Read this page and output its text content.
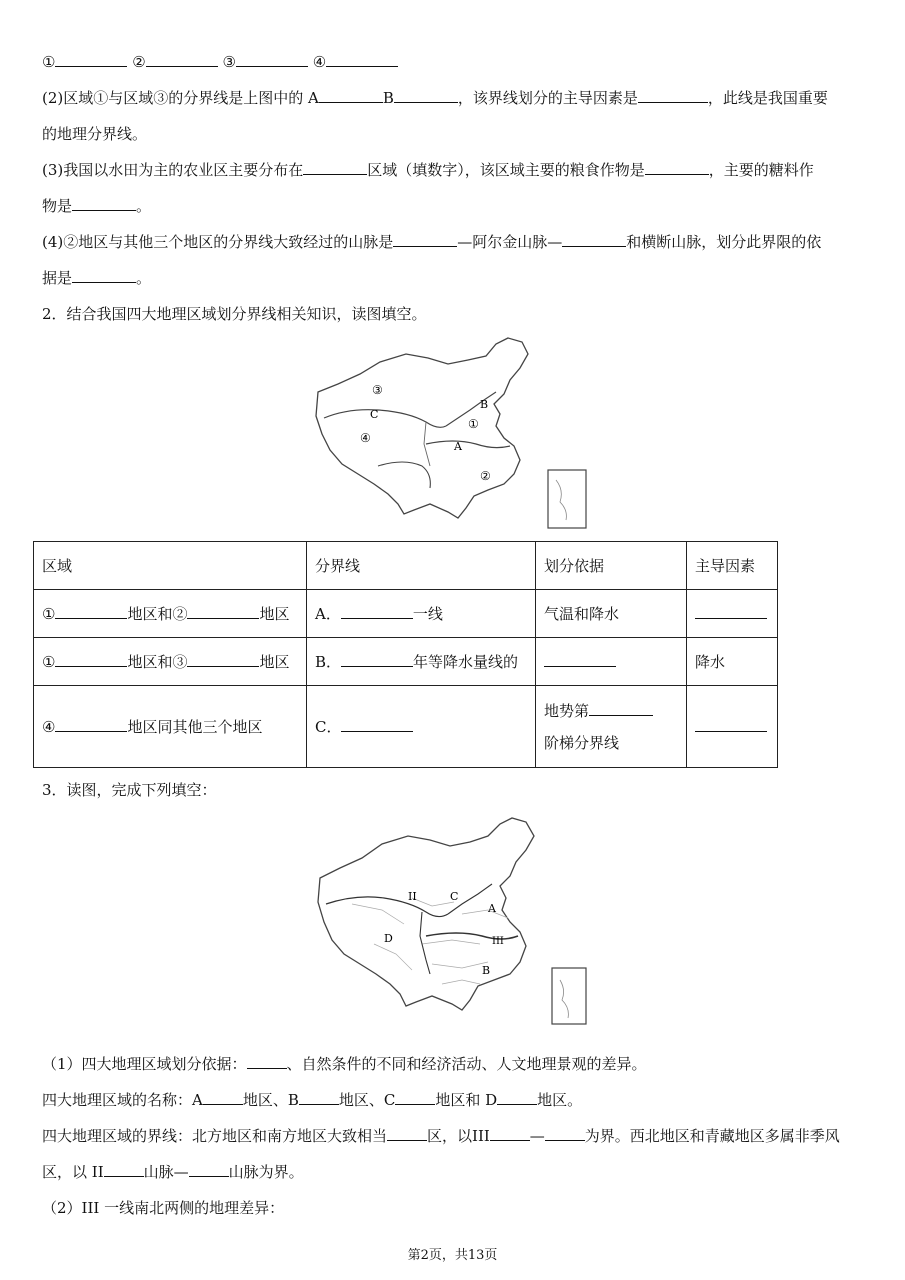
①	②	③	④
(2)区域①与区域③的分界线是上图中的 A	B	，该界线划分的主导因素是	，此线是我国重要
的地理分界线。
(3)我国以水田为主的农业区主要分布在	区域（填数字），该区域主要的粮食作物是	，主要的糖料作
物是	。
(4)②地区与其他三个地区的分界线大致经过的山脉是	—阿尔金山脉—	和横断山脉，划分此界限的依
据是	。
2．结合我国四大地理区域划分界线相关知识，读图填空。
③
C
④
B
①
A
②
区域	分界线	划分依据	主导因素
① 地区和② 地区	A． 一线	气温和降水	
① 地区和③ 地区	B． 年等降水量线的		降水
④ 地区同其他三个地区	C．	地势第
阶梯分界线	

3．读图，完成下列填空：
II	C
A
D	III
B
（1）四大地理区域划分依据：	、自然条件的不同和经济活动、人文地理景观的差异。
四大地理区域的名称：A	地区、B	地区、C	地区和 D	地区。
四大地理区域的界线：北方地区和南方地区大致相当	区，以III	—	为界。西北地区和青藏地区多属非季风
区，以 II	山脉—	山脉为界。
（2）III 一线南北两侧的地理差异：
第2页，共13页
